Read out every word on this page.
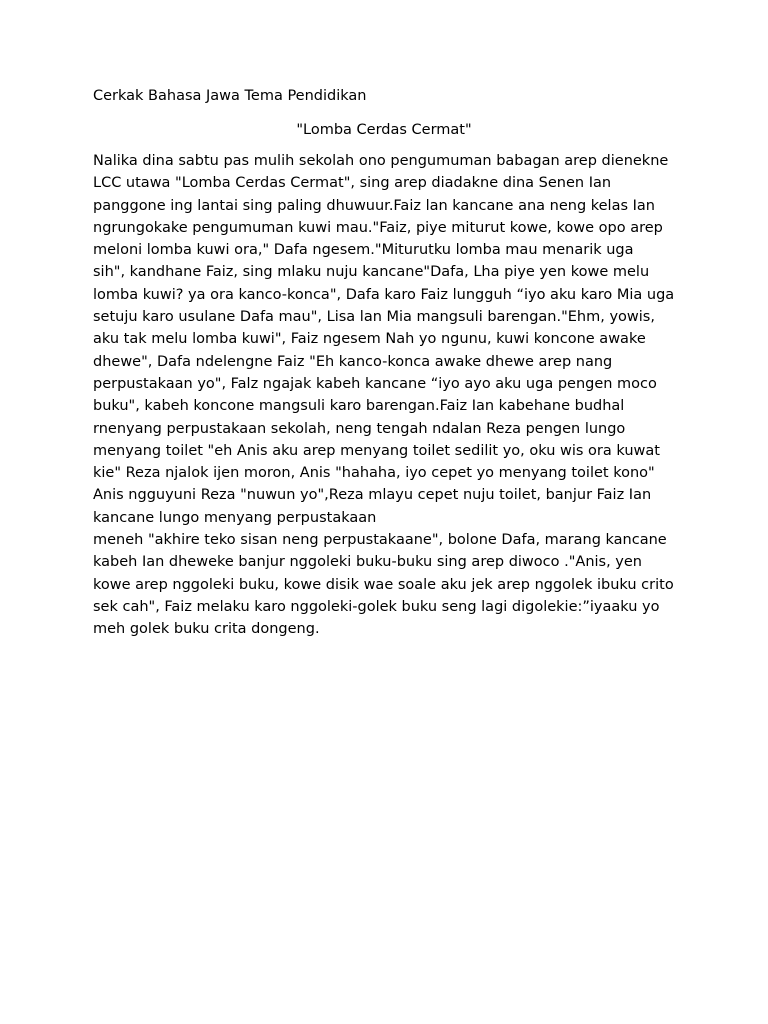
Cerkak Bahasa Jawa Tema Pendidikan

"Lomba Cerdas Cermat"

Nalika dina sabtu pas mulih sekolah ono pengumuman babagan arep dienekne
LCC utawa "Lomba Cerdas Cermat", sing arep diadakne dina Senen Ian
panggone ing lantai sing paling dhuwuur.Faiz lan kancane ana neng kelas Ian
ngrungokake pengumuman kuwi mau."Faiz, piye miturut kowe, kowe opo arep
meloni lomba kuwi ora," Dafa ngesem."Miturutku lomba mau menarik uga
sih", kandhane Faiz, sing mlaku nuju kancane"Dafa, Lha piye yen kowe melu
lomba kuwi? ya ora kanco-konca", Dafa karo Faiz lungguh “iyo aku karo Mia uga
setuju karo usulane Dafa mau", Lisa lan Mia mangsuli barengan."Ehm, yowis,
aku tak melu lomba kuwi", Faiz ngesem Nah yo ngunu, kuwi koncone awake
dhewe", Dafa ndelengne Faiz "Eh kanco-konca awake dhewe arep nang
perpustakaan yo", Falz ngajak kabeh kancane “iyo ayo aku uga pengen moco
buku", kabeh koncone mangsuli karo barengan.Faiz Ian kabehane budhal
rnenyang perpustakaan sekolah, neng tengah ndalan Reza pengen lungo
menyang toilet "eh Anis aku arep menyang toilet sedilit yo, oku wis ora kuwat
kie" Reza njalok ijen moron, Anis "hahaha, iyo cepet yo menyang toilet kono"
Anis ngguyuni Reza "nuwun yo",Reza mlayu cepet nuju toilet, banjur Faiz Ian
kancane lungo menyang perpustakaan
meneh "akhire teko sisan neng perpustakaane", bolone Dafa, marang kancane
kabeh Ian dheweke banjur nggoleki buku-buku sing arep diwoco ."Anis, yen
kowe arep nggoleki buku, kowe disik wae soale aku jek arep nggolek ibuku crito
sek cah", Faiz melaku karo nggoleki-golek buku seng lagi digolekie:”iyaaku yo
meh golek buku crita dongeng.
